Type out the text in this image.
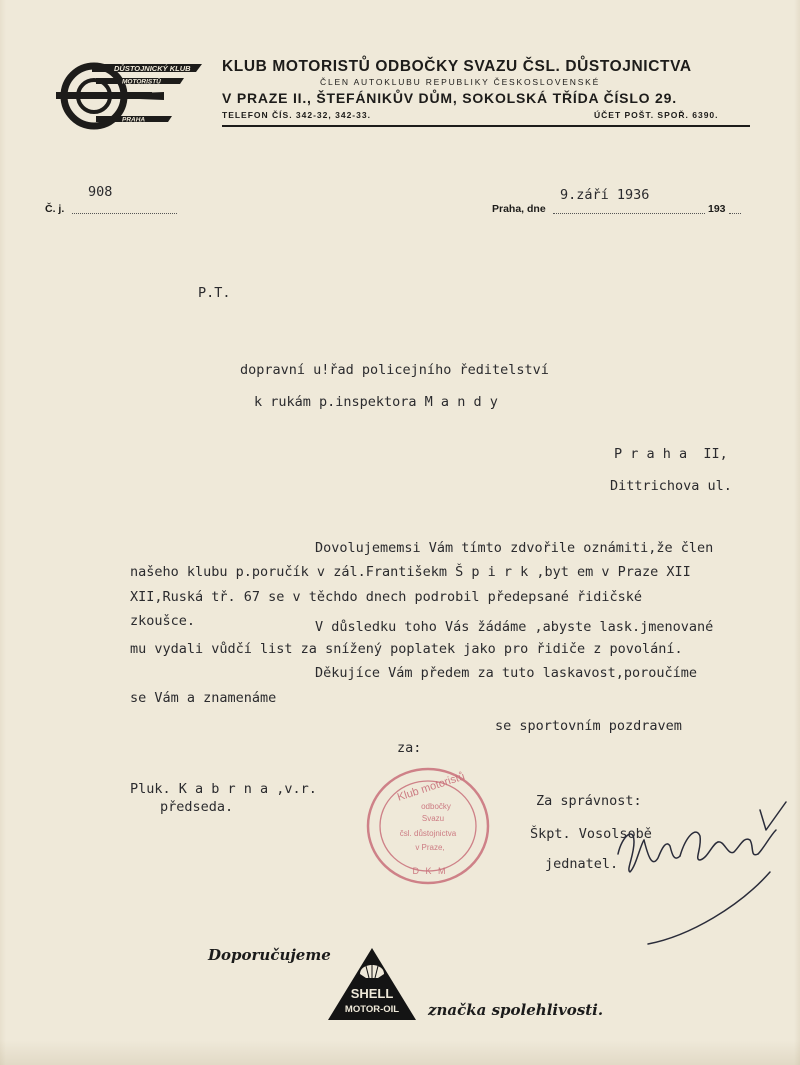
DŮSTOJNICKÝ KLUB
MOTORISTŮ
PRAHA
KLUB MOTORISTŮ ODBOČKY SVAZU ČSL. DŮSTOJNICTVA
ČLEN AUTOKLUBU REPUBLIKY ČESKOSLOVENSKÉ
V PRAZE II., ŠTEFÁNIKŮV DŮM, SOKOLSKÁ TŘÍDA ČÍSLO 29.
TELEFON ČÍS. 342-32, 342-33.	ÚČET POŠT. SPOŘ. 6390.
Č. j.
908
Praha, dne
9.září 1936
193
P.T.
dopravní u!řad policejního ředitelství
k rukám p.inspektora M a n d y
P r a h a  II,
Dittrichova ul.
Dovolujememsi Vám tímto zdvořile oznámiti,že člen
našeho klubu p.poručík v zál.Františekm Š p i r k ,byt em v Praze XII
XII,Ruská tř. 67 se v těchdo dnech podrobil předepsané řidičské
zkoušce.	V důsledku toho Vás žádáme ,abyste lask.jmenované
mu vydali vůdčí list za snížený poplatek jako pro řidiče z povolání.
Děkujíce Vám předem za tuto laskavost,poroučíme
se Vám a znamenáme
se sportovním pozdravem
za:
Pluk. K a b r n a ,v.r.
předseda.	Za správnost:
Škpt. Vosolsobě
jednatel.
Klub motoristů
odbočky
Svazu
čsl. důstojnictva
v Praze,
D K M
Doporučujeme
SHELL
MOTOR-OIL značka spolehlivosti.
